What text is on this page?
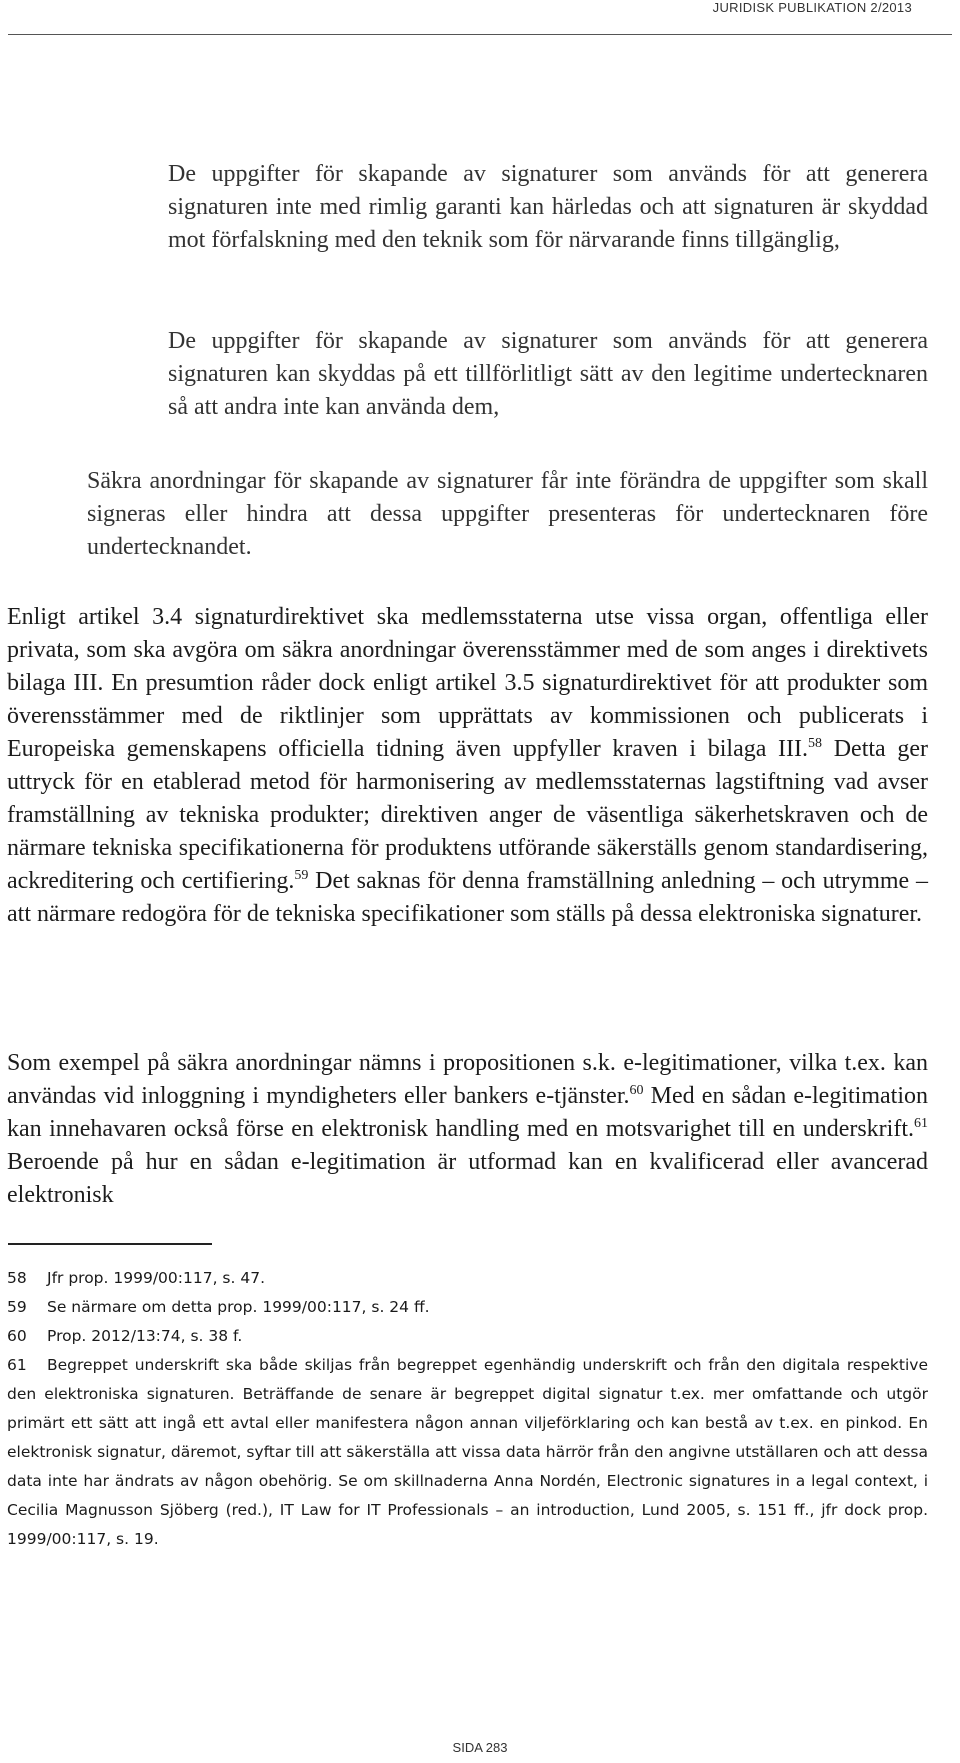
JURIDISK PUBLIKATION 2/2013

De uppgifter för skapande av signaturer som används för att generera signaturen inte med rimlig garanti kan härledas och att signaturen är skyddad mot förfalskning med den teknik som för närvarande finns tillgänglig,

De uppgifter för skapande av signaturer som används för att generera signaturen kan skyddas på ett tillförlitligt sätt av den legitime undertecknaren så att andra inte kan använda dem,

Säkra anordningar för skapande av signaturer får inte förändra de uppgifter som skall signeras eller hindra att dessa uppgifter presenteras för undertecknaren före undertecknandet.

Enligt artikel 3.4 signaturdirektivet ska medlemsstaterna utse vissa organ, offentliga eller privata, som ska avgöra om säkra anordningar överensstämmer med de som anges i direktivets bilaga III. En presumtion råder dock enligt artikel 3.5 signaturdirektivet för att produkter som överensstämmer med de riktlinjer som upprättats av kommissionen och publicerats i Europeiska gemenskapens officiella tidning även uppfyller kraven i bilaga III.$^{58}$ Detta ger uttryck för en etablerad metod för harmonisering av medlemsstaternas lagstiftning vad avser framställning av tekniska produkter; direktiven anger de väsentliga säkerhetskraven och de närmare tekniska specifikationerna för produktens utförande säkerställs genom standardisering, ackreditering och certifiering.$^{59}$ Det saknas för denna framställning anledning – och utrymme – att närmare redogöra för de tekniska specifikationer som ställs på dessa elektroniska signaturer.

Som exempel på säkra anordningar nämns i propositionen s.k. e-legitimationer, vilka t.ex. kan användas vid inloggning i myndigheters eller bankers e-tjänster.$^{60}$ Med en sådan e-legitimation kan innehavaren också förse en elektronisk handling med en motsvarighet till en underskrift.$^{61}$ Beroende på hur en sådan e-legitimation är utformad kan en kvalificerad eller avancerad elektronisk

58 Jfr prop. 1999/00:117, s. 47.

59 Se närmare om detta prop. 1999/00:117, s. 24 ff.

60 Prop. 2012/13:74, s. 38 f.

61 Begreppet underskrift ska både skiljas från begreppet egenhändig underskrift och från den digitala respektive den elektroniska signaturen. Beträffande de senare är begreppet digital signatur t.ex. mer omfattande och utgör primärt ett sätt att ingå ett avtal eller manifestera någon annan viljeförklaring och kan bestå av t.ex. en pinkod. En elektronisk signatur, däremot, syftar till att säkerställa att vissa data härrör från den angivne utställaren och att dessa data inte har ändrats av någon obehörig. Se om skillnaderna Anna Nordén, Electronic signatures in a legal context, i Cecilia Magnusson Sjöberg (red.), IT Law for IT Professionals – an introduction, Lund 2005, s. 151 ff., jfr dock prop. 1999/00:117, s. 19.

SIDA 283
